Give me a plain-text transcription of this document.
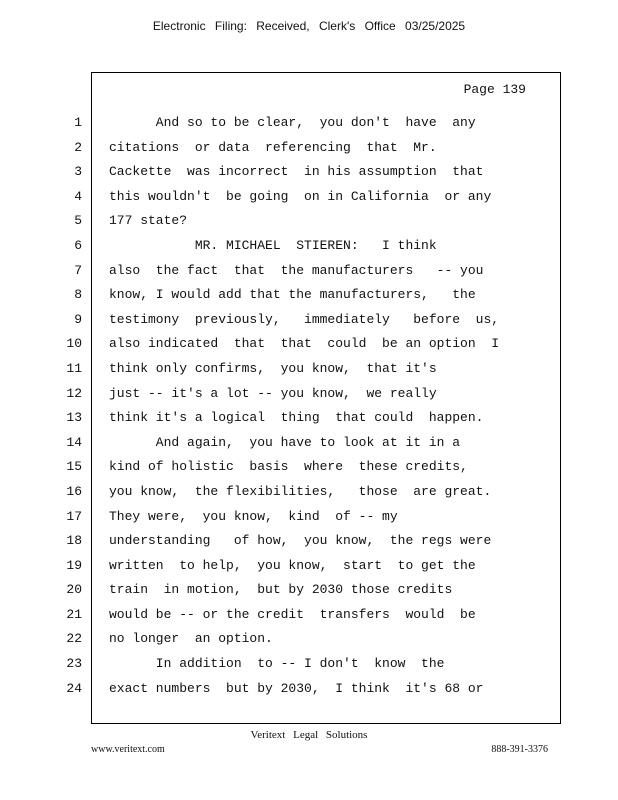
Electronic Filing: Received, Clerk's Office 03/25/2025
Page 139
1
2
3
4
5
6
7
8
9
10
11
12
13
14
15
16
17
18
19
20
21
22
23
24
And so to be clear,  you don't  have  any
citations  or data  referencing  that  Mr.
Cackette  was incorrect  in his assumption  that
this wouldn't  be going  on in California  or any
177 state?
MR. MICHAEL  STIEREN:   I think
also  the fact  that  the manufacturers   -- you
know, I would add that the manufacturers,   the
testimony  previously,   immediately   before  us,
also indicated  that  that  could  be an option  I
think only confirms,  you know,  that it's
just -- it's a lot -- you know,  we really
think it's a logical  thing  that could  happen.
And again,  you have to look at it in a
kind of holistic  basis  where  these credits,
you know,  the flexibilities,   those  are great.
They were,  you know,  kind  of -- my
understanding   of how,  you know,  the regs were
written  to help,  you know,  start  to get the
train  in motion,  but by 2030 those credits
would be -- or the credit  transfers  would  be
no longer  an option.
In addition  to -- I don't  know  the
exact numbers  but by 2030,  I think  it's 68 or
Veritext Legal Solutions
www.veritext.com	888-391-3376
